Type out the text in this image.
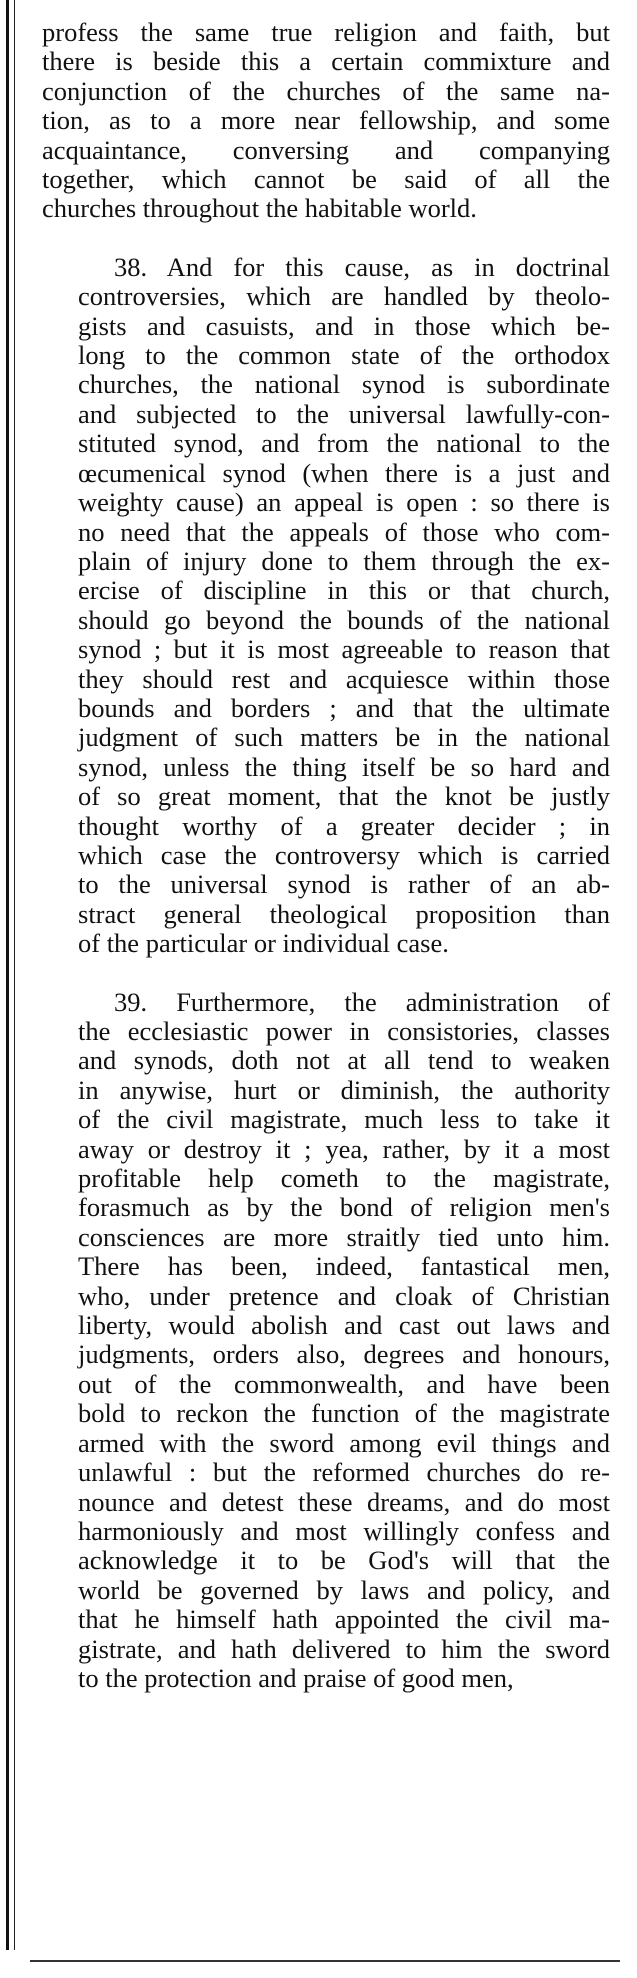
profess the same true religion and faith, but
there is beside this a certain commixture and
conjunction of the churches of the same na-
tion, as to a more near fellowship, and some
acquaintance, conversing and companying
together, which cannot be said of all the
churches throughout the habitable world.
38. And for this cause, as in doctrinal
controversies, which are handled by theolo-
gists and casuists, and in those which be-
long to the common state of the orthodox
churches, the national synod is subordinate
and subjected to the universal lawfully-con-
stituted synod, and from the national to the
œcumenical synod (when there is a just and
weighty cause) an appeal is open : so there is
no need that the appeals of those who com-
plain of injury done to them through the ex-
ercise of discipline in this or that church,
should go beyond the bounds of the national
synod ; but it is most agreeable to reason that
they should rest and acquiesce within those
bounds and borders ; and that the ultimate
judgment of such matters be in the national
synod, unless the thing itself be so hard and
of so great moment, that the knot be justly
thought worthy of a greater decider ; in
which case the controversy which is carried
to the universal synod is rather of an ab-
stract general theological proposition than
of the particular or individual case.
39. Furthermore, the administration of
the ecclesiastic power in consistories, classes
and synods, doth not at all tend to weaken
in anywise, hurt or diminish, the authority
of the civil magistrate, much less to take it
away or destroy it ; yea, rather, by it a most
profitable help cometh to the magistrate,
forasmuch as by the bond of religion men's
consciences are more straitly tied unto him.
There has been, indeed, fantastical men,
who, under pretence and cloak of Christian
liberty, would abolish and cast out laws and
judgments, orders also, degrees and honours,
out of the commonwealth, and have been
bold to reckon the function of the magistrate
armed with the sword among evil things and
unlawful : but the reformed churches do re-
nounce and detest these dreams, and do most
harmoniously and most willingly confess and
acknowledge it to be God's will that the
world be governed by laws and policy, and
that he himself hath appointed the civil ma-
gistrate, and hath delivered to him the sword
to the protection and praise of good men,
